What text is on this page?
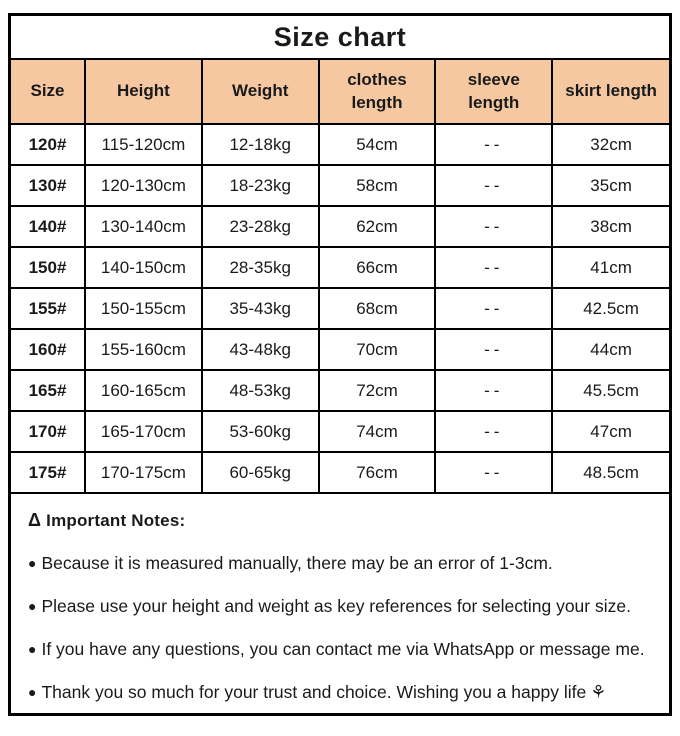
Size chart
Size	Height	Weight	clothes length	sleeve length	skirt length
120#	115-120cm	12-18kg	54cm	--	32cm
130#	120-130cm	18-23kg	58cm	--	35cm
140#	130-140cm	23-28kg	62cm	--	38cm
150#	140-150cm	28-35kg	66cm	--	41cm
155#	150-155cm	35-43kg	68cm	--	42.5cm
160#	155-160cm	43-48kg	70cm	--	44cm
165#	160-165cm	48-53kg	72cm	--	45.5cm
170#	165-170cm	53-60kg	74cm	--	47cm
175#	170-175cm	60-65kg	76cm	--	48.5cm
Δ Important Notes:
● Because it is measured manually, there may be an error of 1-3cm.
● Please use your height and weight as key references for selecting your size.
● If you have any questions, you can contact me via WhatsApp or message me.
● Thank you so much for your trust and choice. Wishing you a happy life ⚘
